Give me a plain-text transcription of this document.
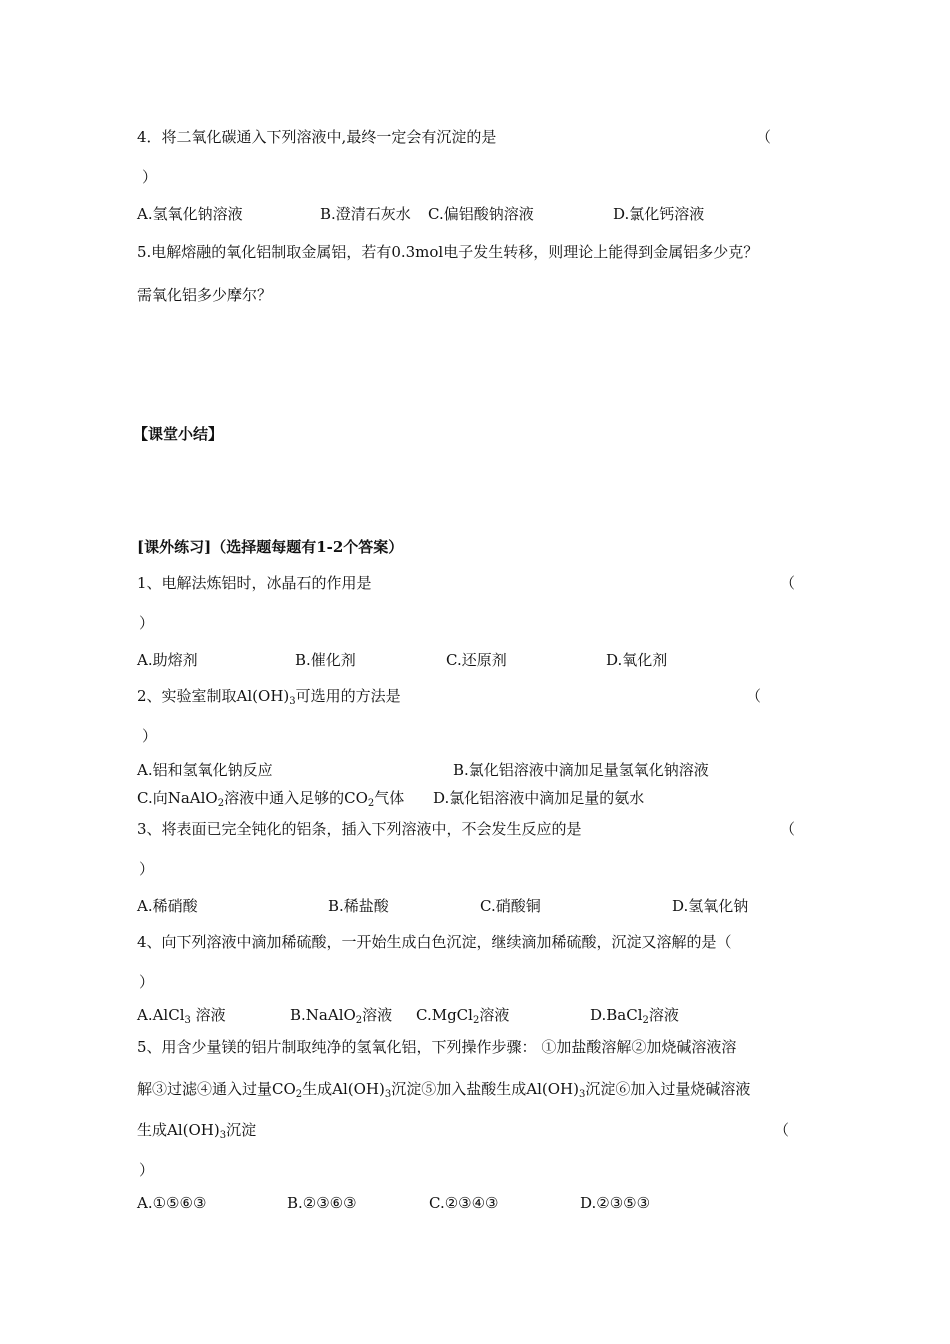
4．将二氧化碳通入下列溶液中,最终一定会有沉淀的是	（
）
A.氢氧化钠溶液	B.澄清石灰水 C.偏铝酸钠溶液	D.氯化钙溶液
5.电解熔融的氧化铝制取金属铝，若有0.3mol电子发生转移，则理论上能得到金属铝多少克？
需氧化铝多少摩尔？
【课堂小结】
[课外练习]（选择题每题有1-2个答案）
1、电解法炼铝时，冰晶石的作用是	（
）
A.助熔剂	B.催化剂	C.还原剂	D.氧化剂
2、实验室制取$Al(OH)_3$可选用的方法是	（
）
A.铝和氢氧化钠反应	B.氯化铝溶液中滴加足量氢氧化钠溶液
C.向NaAlO$_2$溶液中通入足够的$CO_2$气体 D.氯化铝溶液中滴加足量的氨水
3、将表面已完全钝化的铝条，插入下列溶液中，不会发生反应的是	（
）
A.稀硝酸	B.稀盐酸	C.硝酸铜	D.氢氧化钠
4、向下列溶液中滴加稀硫酸，一开始生成白色沉淀，继续滴加稀硫酸，沉淀又溶解的是（
）
A.AlCl$_3$ 溶液	B.NaAlO$_2$溶液 C.MgCl$_2$溶液	D.BaCl$_2$溶液
5、用含少量镁的铝片制取纯净的氢氧化铝，下列操作步骤： ①加盐酸溶解②加烧碱溶液溶
解③过滤④通入过量$CO_2$生成$Al(OH)_3$沉淀⑤加入盐酸生成$Al(OH)_3$沉淀⑥加入过量烧碱溶液
生成$Al(OH)_3$沉淀	（
）
A.①⑤⑥③	B.②③⑥③	C.②③④③	D.②③⑤③
